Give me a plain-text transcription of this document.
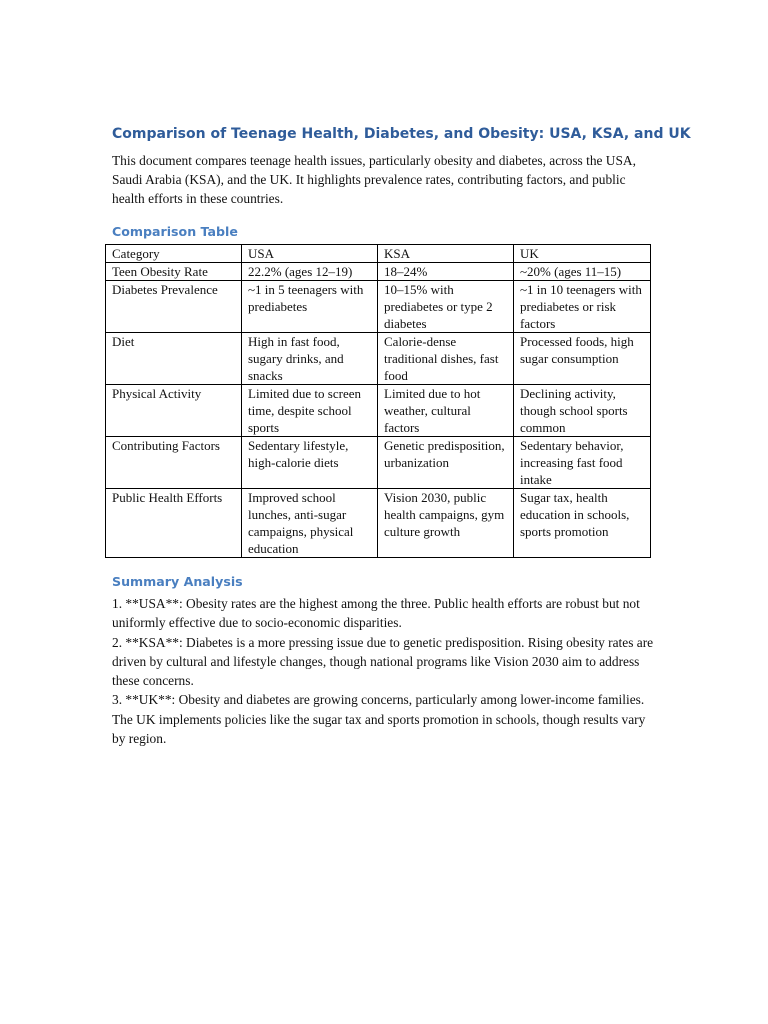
Comparison of Teenage Health, Diabetes, and Obesity: USA, KSA, and UK

This document compares teenage health issues, particularly obesity and diabetes, across the USA, Saudi Arabia (KSA), and the UK. It highlights prevalence rates, contributing factors, and public health efforts in these countries.

Comparison Table
Category	USA	KSA	UK
Teen Obesity Rate	22.2% (ages 12–19)	18–24%	~20% (ages 11–15)
Diabetes Prevalence	~1 in 5 teenagers with prediabetes	10–15% with prediabetes or type 2 diabetes	~1 in 10 teenagers with prediabetes or risk factors
Diet	High in fast food, sugary drinks, and snacks	Calorie-dense traditional dishes, fast food	Processed foods, high sugar consumption
Physical Activity	Limited due to screen time, despite school sports	Limited due to hot weather, cultural factors	Declining activity, though school sports common
Contributing Factors	Sedentary lifestyle, high-calorie diets	Genetic predisposition, urbanization	Sedentary behavior, increasing fast food intake
Public Health Efforts	Improved school lunches, anti-sugar campaigns, physical education	Vision 2030, public health campaigns, gym culture growth	Sugar tax, health education in schools, sports promotion
Summary Analysis

1. **USA**: Obesity rates are the highest among the three. Public health efforts are robust but not uniformly effective due to socio-economic disparities.

2. **KSA**: Diabetes is a more pressing issue due to genetic predisposition. Rising obesity rates are driven by cultural and lifestyle changes, though national programs like Vision 2030 aim to address these concerns.

3. **UK**: Obesity and diabetes are growing concerns, particularly among lower-income families. The UK implements policies like the sugar tax and sports promotion in schools, though results vary by region.
